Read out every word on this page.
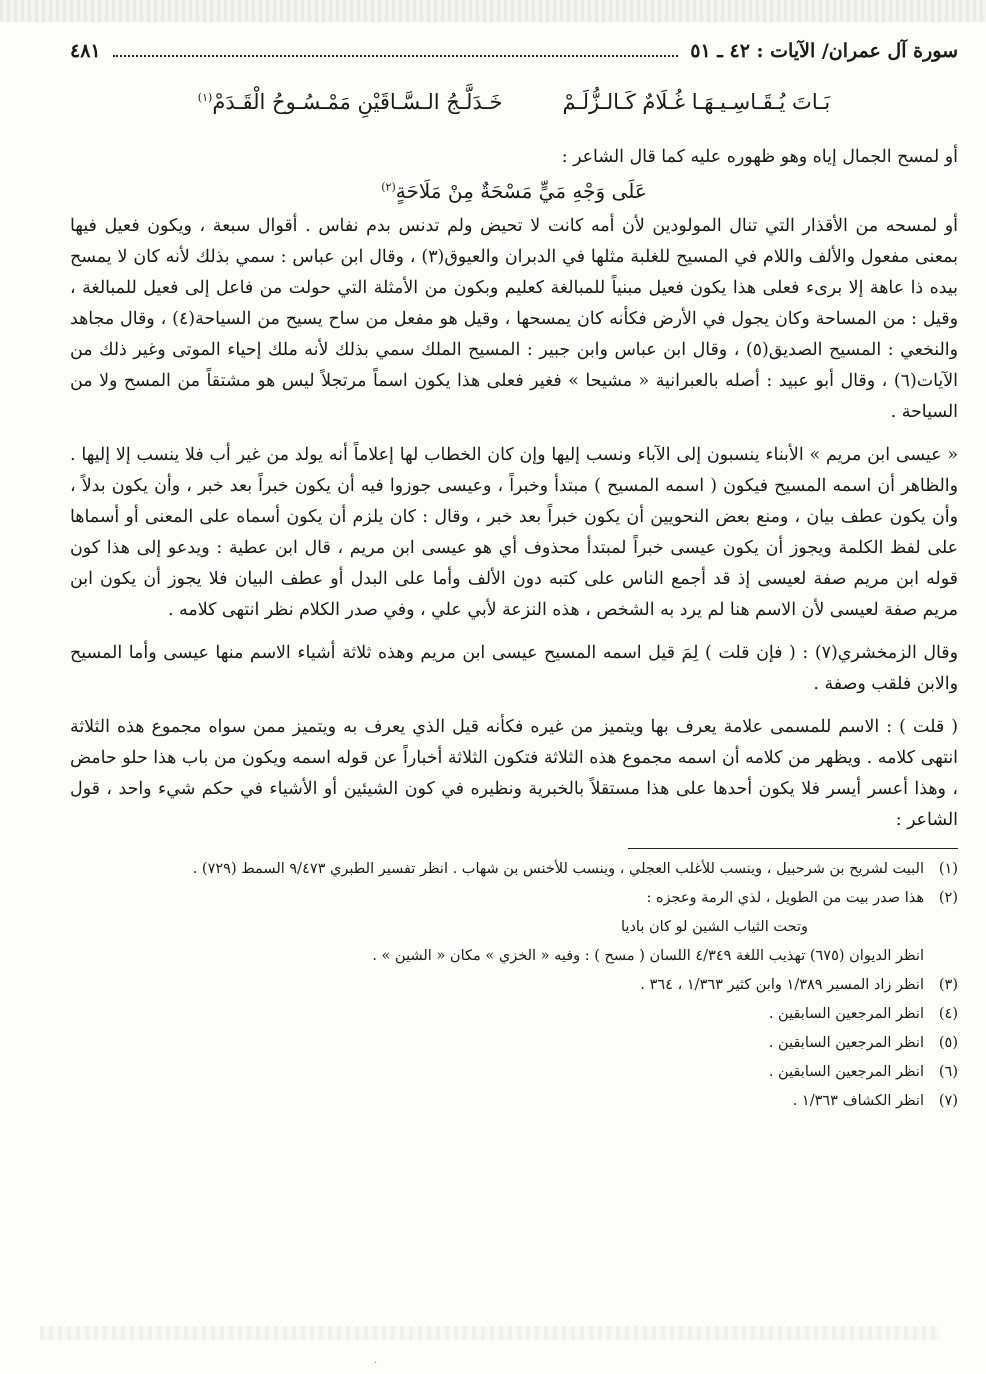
سورة آل عمران/ الآيات : ٤٢ ـ ٥١
٤٨١
بَـاتَ يُـقَـاسِـيـهَـا غُـلَامٌ كَـالـزُّلَـمْ
خَـدَلَّـجُ الـسَّـاقَيْنِ مَمْـسُـوحُ الْقَـدَمْ$^{(١)}$

أو لمسح الجمال إياه وهو ظهوره عليه كما قال الشاعر :

عَلَى وَجْهِ مَيٍّ مَسْحَةٌ مِنْ مَلَاحَةٍ$^{(٢)}$

أو لمسحه من الأقذار التي تنال المولودين لأن أمه كانت لا تحيض ولم تدنس بدم نفاس . أقوال سبعة ، ويكون فعيل فيها بمعنى مفعول والألف واللام في المسيح للغلبة مثلها في الدبران والعيوق(٣) ، وقال ابن عباس : سمي بذلك لأنه كان لا يمسح بيده ذا عاهة إلا برىء فعلى هذا يكون فعيل مبنياً للمبالغة كعليم وبكون من الأمثلة التي حولت من فاعل إلى فعيل للمبالغة ، وقيل : من المساحة وكان يجول في الأرض فكأنه كان يمسحها ، وقيل هو مفعل من ساح يسيح من السياحة(٤) ، وقال مجاهد والنخعي : المسيح الصديق(٥) ، وقال ابن عباس وابن جبير : المسيح الملك سمي بذلك لأنه ملك إحياء الموتى وغير ذلك من الآيات(٦) ، وقال أبو عبيد : أصله بالعبرانية « مشيحا » فغير فعلى هذا يكون اسماً مرتجلاً ليس هو مشتقاً من المسح ولا من السياحة .

« عيسى ابن مريم » الأبناء ينسبون إلى الآباء ونسب إليها وإن كان الخطاب لها إعلاماً أنه يولد من غير أب فلا ينسب إلا إليها . والظاهر أن اسمه المسيح فيكون ( اسمه المسيح ) مبتدأ وخبراً ، وعيسى جوزوا فيه أن يكون خبراً بعد خبر ، وأن يكون بدلاً ، وأن يكون عطف بيان ، ومنع بعض النحويين أن يكون خبراً بعد خبر ، وقال : كان يلزم أن يكون أسماه على المعنى أو أسماها على لفظ الكلمة ويجوز أن يكون عيسى خبراً لمبتدأ محذوف أي هو عيسى ابن مريم ، قال ابن عطية : ويدعو إلى هذا كون قوله ابن مريم صفة لعيسى إذ قد أجمع الناس على كتبه دون الألف وأما على البدل أو عطف البيان فلا يجوز أن يكون ابن مريم صفة لعيسى لأن الاسم هنا لم يرد به الشخص ، هذه النزعة لأبي علي ، وفي صدر الكلام نظر انتهى كلامه .

وقال الزمخشري(٧) : ( فإن قلت ) لِمَ قيل اسمه المسيح عيسى ابن مريم وهذه ثلاثة أشياء الاسم منها عيسى وأما المسيح والابن فلقب وصفة .

( قلت ) : الاسم للمسمى علامة يعرف بها ويتميز من غيره فكأنه قيل الذي يعرف به ويتميز ممن سواه مجموع هذه الثلاثة انتهى كلامه . ويظهر من كلامه أن اسمه مجموع هذه الثلاثة فتكون الثلاثة أخباراً عن قوله اسمه ويكون من باب هذا حلو حامض ، وهذا أعسر أيسر فلا يكون أحدها على هذا مستقلاً بالخبرية ونظيره في كون الشيئين أو الأشياء في حكم شيء واحد ، قول الشاعر :

(١)
البيت لشريح بن شرحبيل ، وينسب للأغلب العجلي ، وينسب للأخنس بن شهاب . انظر تفسير الطبري ٩/٤٧٣ السمط (٧٢٩) .
(٢)
هذا صدر بيت من الطويل ، لذي الرمة وعجزه :
وتحت الثياب الشين لو كان باديا
انظر الديوان (٦٧٥) تهذيب اللغة ٤/٣٤٩ اللسان ( مسح ) : وفيه « الخزي » مكان « الشين » .
(٣)
انظر زاد المسير ١/٣٨٩ وابن كثير ١/٣٦٣ ، ٣٦٤ .
(٤)
انظر المرجعين السابقين .
(٥)
انظر المرجعين السابقين .
(٦)
انظر المرجعين السابقين .
(٧)
انظر الكشاف ١/٣٦٣ .
·
